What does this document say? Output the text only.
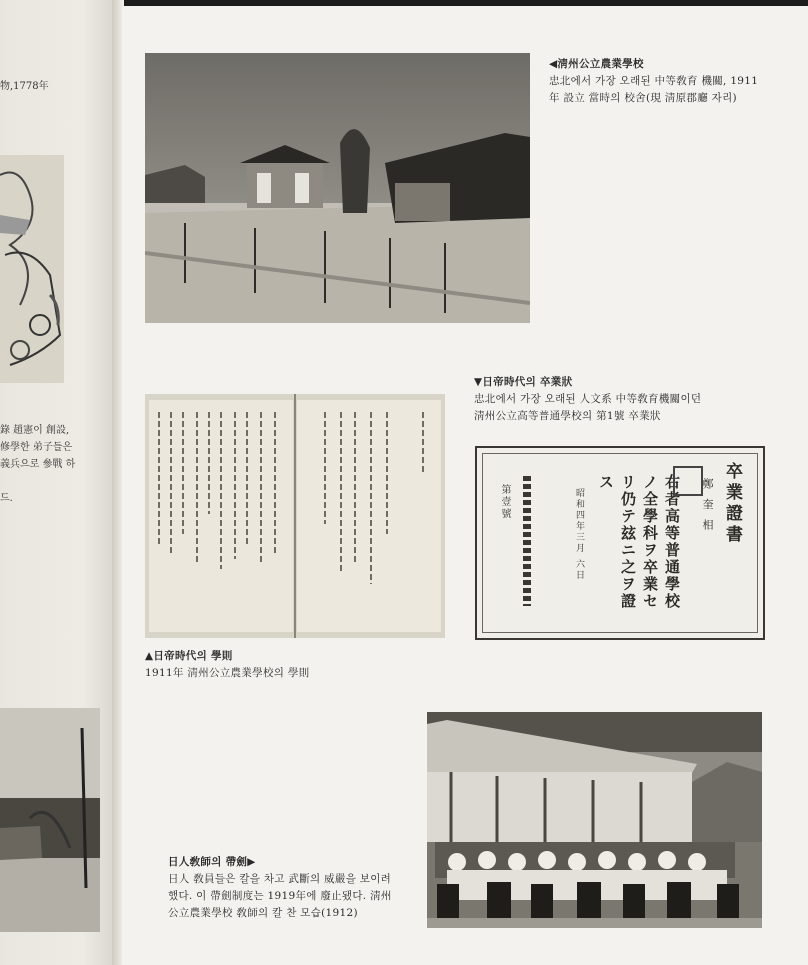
物,1778年
錄 趙憲이 創設,
修學한 弟子들은
義兵으로 參戰 하
드.
◀淸州公立農業學校
忠北에서 가장 오래된 中等敎育 機關, 1911
年 設立 當時의 校舍(現 淸原郡廳 자리)
▼日帝時代의 卒業狀
忠北에서 가장 오래된 人文系 中等敎育機關이던
淸州公立高等普通學校의 第1號 卒業狀
▲日帝時代의 學則
1911年 淸州公立農業學校의 學則
卒業證書
鄭 奎 相
右者高等普通學校ノ全學科ヲ卒業セリ仍テ玆ニ之ヲ證ス
昭和四年三月 六日
第壹號
日人敎師의 帶劍▶
日人 敎員들은 칼을 차고 武斷의 威嚴을 보이려
했다. 이 帶劍制度는 1919年에 廢止됐다. 淸州
公立農業學校 敎師의 칼 찬 모습(1912)
